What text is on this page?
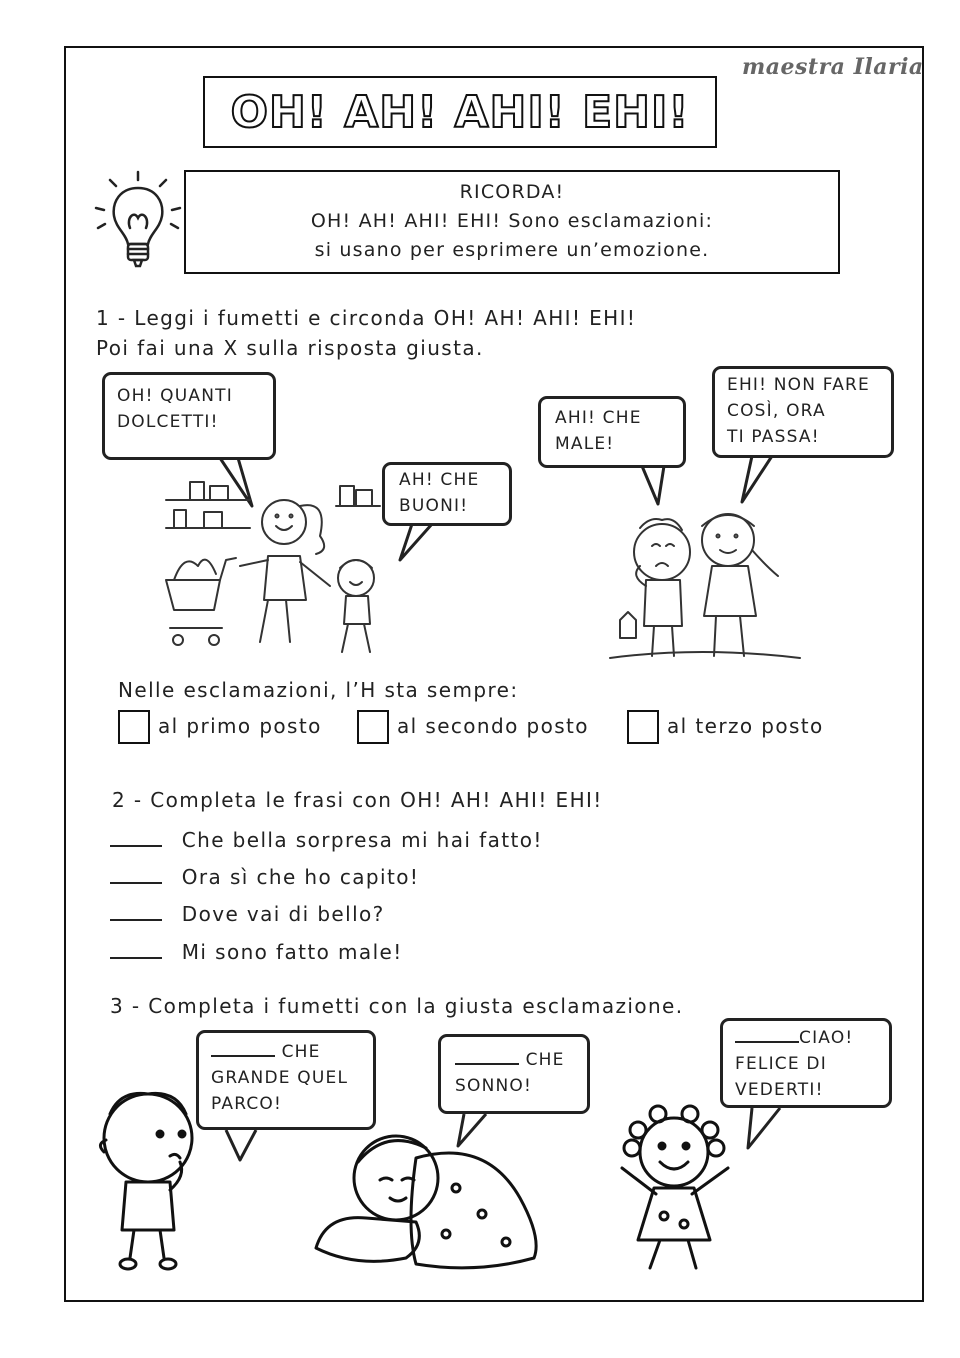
maestra Ilaria
OH! AH! AHI! EHI!
RICORDA!
OH! AH! AHI! EHI! Sono esclamazioni:
si usano per esprimere un’emozione.
1 - Leggi i fumetti e circonda OH! AH! AHI! EHI!
Poi fai una X sulla risposta giusta.
OH! QUANTI
DOLCETTI!
AH! CHE
BUONI!
AHI! CHE
MALE!
EHI! NON FARE
COSÌ, ORA
TI PASSA!
Nelle esclamazioni, l’H sta sempre:
al primo posto	al secondo posto	al terzo posto
2 - Completa le frasi con OH! AH! AHI! EHI!
Che bella sorpresa mi hai fatto!
Ora sì che ho capito!
Dove vai di bello?
Mi sono fatto male!
3 - Completa i fumetti con la giusta esclamazione.
CHE
GRANDE QUEL
PARCO!
CHE
SONNO!
CIAO!
FELICE DI
VEDERTI!
